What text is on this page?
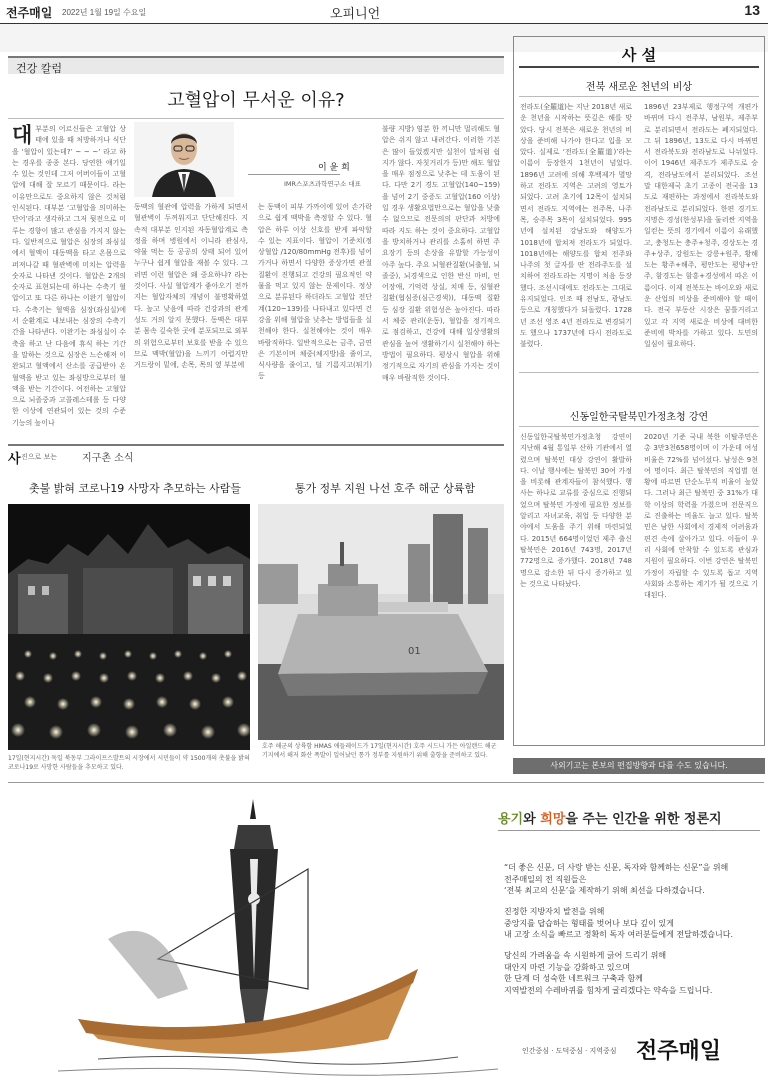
전주매일 2022년 1월 19일 수요일	오피니언	13
건강 칼럼
고혈압이 무서운 이유?
이 윤 희
IMR스포츠과학연구소 대표
대부분의 어르신들은 고혈압 상태에 있을 때 처방하거나 식단을 ‘혈압이 있는데?’ ~ ~ ~’ 라고 하는 경우를 종종 본다. 당연한 얘기일 수 있는 것인데 그저 어버이들이 고혈압에 대해 잘 모르기 때문이다. 라는 이유만으로도 중요하지 않은 것처럼 인식된다. 대부분 ‘고혈압을 의미하는 단어’라고 생각하고 그저 뒷전으로 미루는 경향이 많고 관심을 가지지 않는다. 일반적으로 혈압은 심장의 좌심실에서 혈액이 대동맥을 타고 온몸으로 퍼져나갈 때 혈관벽에 미치는 압력을 숫자로 나타낸 것이다. 혈압은 2개의 숫자로 표현되는데 하나는 수축기 혈압이고 또 다른 하나는 이완기 혈압이다. 수축기는 혈액을 심장(좌심실)에서 순환계로 내보내는 심장의 수축기간을 나타낸다. 이완기는 좌심실이 수축을 하고 난 다음에 휴식 하는 기간을 말하는 것으로 심장은 느슨해져 이완되고 혈액에서 산소를 공급받아 온 혈액을 받고 있는 좌심방으로부터 혈액을 받는 기간이다. 여전하는 고혈압으로 뇌졸중과 고콜레스테롤 등 다양한 이상에 연관되어 있는 것의 수준 기능의 높이나
동맥의 혈관에 압력을 가하게 되면서 혈관벽이 두꺼워지고 단단해진다. 지속적 대부분 인지된 자동혈압계로 측정을 하며 병원에서 이니라 관심사, 약물 먹는 등 공공의 상태 되어 있어 누구나 쉽게 혈압을 재볼 수 있다. 그러면 이런 혈압은 왜 중요하냐? 라는 것이다. 사실 혈압계가 좋아오기 전까지는 혈압자체의 개념이 불명확하였다. 높고 낮음에 따라 건강과의 관계성도 거의 알지 못했다. 동맥은 대부분 몸속 깊숙한 곳에 분포되므로 외부의 위험으로부터 보호를 받을 수 있으므로 맥박(혈압)을 느끼기 어렵지만 거드랑이 밑에, 손목, 목의 옆 부분에
는 동맥이 피부 가까이에 있어 손가락으로 쉽게 맥박을 측정할 수 있다. 혈압은 하루 이상 신호를 받게 파악할 수 있는 지표이다. 혈압이 기준치(정상혈압 /120/80mmHg 전후)를 넘어가거나 하면서 다양한 증상가면 관절 질환이 진행되고 건강의 필요적인 약물을 먹고 있지 않는 문제이다. 정상으로 분류된다 하더라도 고혈압 전단계(120~139)를 나타내고 있다면 건강을 위해 혈압을 낮추는 방법들을 실천해야 한다. 실천해야는 것이 매우 바람직하다. 일반적으로는 금주, 금연은 기본이며 체중(체지방)을 줄이고, 식사량을 줄이고, 덜 기름지고(튀기) 등
불량 지방) 염분 한 끼니만 멀리해도 혈압은 쉬지 않고 내려간다. 이러한 기본은 많이 들었겠지만 실천이 말처럼 쉽지가 않다. 자칫거리가 등)만 해도 혈압을 매우 점정으로 낮추는 데 도움이 된다. 다만 2기 경도 고혈압(140~159)을 넘어 2기 중증도 고혈압(160 이상)일 경우 생활요법만으로는 혈압을 낮출 수 없으므로 전문의의 판단과 처방에 따라 지도 하는 것이 중요하다. 고혈압을 방치하거나 관리를 소홀히 하면 주요장기 등의 손상을 유발할 가능성이 아주 높다. 주요 뇌혈관질환(뇌출혈, 뇌졸중), 뇌경색으로 인한 반신 마비, 언어장애, 기억력 상실, 치매 등, 심혈관질환(협심증(심근경색)), 대동맥 질환 등 심장 질환 위험성은 높아진다. 따라서 체중 관리(운동), 혈압을 정기적으로 점검하고, 건강에 대해 일상생활의 관심을 높여 생활하기시 실천해야 하는 방법이 필요하다. 평상시 혈압을 위해 정기적으로 자기의 관심을 가지는 것이 매우 바람직한 것이다.
사 진으로 보는 지구촌 소식
촛불 밝혀 코로나19 사망자 추모하는 사람들	통가 정부 지원 나선 호주 해군 상륙함
01
17일(현지시간) 독일 북동부 그라이프스발트의 시장에서 시민들이 약 1500개의 촛불을 밝혀 코로나19로 사망한 사람들을 추모하고 있다.
호주 해군의 상륙함 HMAS 애들레이드가 17일(현지시간) 호주 시드니 가든 아일랜드 해군 기지에서 해저 화산 폭발이 일어났던 통가 정부를 지원하기 위해 출항을 준비하고 있다.
사 설
전북 새로운 천년의 비상
전라도(全羅道)는 지난 2018년 새로운 천년을 시작하는 뜻깊은 해를 맞았다. 당시 전북은 새로운 천년의 비상을 준비해 나가야 한다고 입을 모았다. 실제로 ‘전라도(全羅道)’라는 이름이 등장한지 1천년이 넘었다. 1896년 고려에 의해 후백제가 멸망하고 전라도 지역은 고려의 영토가 되었다. 고려 초기에 12목이 설치되면서 전라도 지역에는 전주목, 나주목, 승주목 3목이 설치되었다. 995년에 설치된 강남도와 해양도가 1018년에 합쳐져 전라도가 되었다. 1018년에는 해양도를 합쳐 전주와 나주의 첫 글자를 딴 전라주도를 설치하여 전라도라는 지명이 처음 등장했다. 조선시대에도 전라도는 그대로 유지되었다. 인조 때 전남도, 광남도 등으로 개칭했다가 되돌렸다. 1728년 조선 영조 4년 전라도로 변경되기도 했으나 1737년에 다시 전라도로 불렸다.
1896년 23부제로 행정구역 개편가 바뀌며 다시 전주부, 남원부, 제주부로 분리되면서 전라도는 폐지되었다. 그 뒤 1896년, 13도로 다시 바뀌면서 전라북도와 전라남도로 나뉘었다. 이어 1946년 제주도가 제주도로 승격, 전라남도에서 분리되었다. 조선 말 대한제국 초기 고종이 전국을 13도로 재편하는 과정에서 전라북도와 전라남도로 분리되었다. 한편 경기도 지명은 경성(한성부)을 둘러싼 지역을 일컫는 뜻의 경기에서 이름이 유래했고, 충청도는 충주+청주, 경상도는 경주+상주, 강원도는 강릉+원주, 황해도는 황주+해주, 평안도는 평양+안주, 함경도는 함흥+경성에서 따온 이름이다. 이제 전북도는 바이오와 새로운 산업의 비상을 준비해야 할 때이다. 전국 부동산 시장은 꿈틀거리고 있고 각 지역 새로운 비상에 대비한 준비에 박차를 가하고 있다. 도민의 일심이 필요하다.
신동일한국탈북민가정초청 강연
신동일한국탈북민가정초청 강연이 지난해 4월 통일부 산하 기관에서 열렸으며 탈북민 대상 강연이 활발하다. 이날 행사에는 탈북민 30여 가정을 비롯해 관계자들이 참석했다. 행사는 하나로 교류를 중심으로 진행되었으며 탈북민 가정에 필요한 정보를 알리고 자녀교육, 취업 등 다양한 분야에서 도움을 주기 위해 마련되었다. 2015년 664명이었던 제주 출신 탈북민은 2016년 743명, 2017년 772명으로 증가했다. 2018년 748명으로 감소한 뒤 다시 증가하고 있는 것으로 나타났다.
2020년 기준 국내 북한 이탈주민은 총 3만3천658명이며 이 가운데 여성 비율은 72%를 넘어섰다. 남성은 9천여 명이다. 최근 탈북민의 직업별 현황에 따르면 단순노무직 비율이 높았다. 그러나 최근 탈북민 중 31%가 대학 이상의 학력을 가졌으며 전문직으로 진출하는 비율도 늘고 있다. 탈북민은 남한 사회에서 경제적 어려움과 편견 속에 살아가고 있다. 이들이 우리 사회에 안착할 수 있도록 관심과 지원이 필요하다. 이번 강연은 탈북민 가정이 자립할 수 있도록 돕고 지역 사회와 소통하는 계기가 될 것으로 기대된다.
사외기고는 본보의 편집방향과 다를 수도 있습니다.
용기와 희망을 주는 인간을 위한 정론지

“더 좋은 신문, 더 사랑 받는 신문, 독자와 함께하는 신문”을 위해

전주매일의 전 직원들은

‘전북 최고의 신문’을 제작하기 위해 최선을 다하겠습니다.

진정한 지방자치 발전을 위해

중앙지를 답습하는 형태를 벗어나 보다 깊이 있게

내 고장 소식을 빠르고 정확히 독자 여러분들에게 전달하겠습니다.

당신의 가려움을 속 시원하게 긁어 드리기 위해

대안지 마련 기능을 강화하고 있으며

한 단계 더 성숙한 네트워크 구축과 함께

지역발전의 수레바퀴를 힘차게 굴리겠다는 약속을 드립니다.

인간중심 · 도덕중심 · 지역중심 전주매일
